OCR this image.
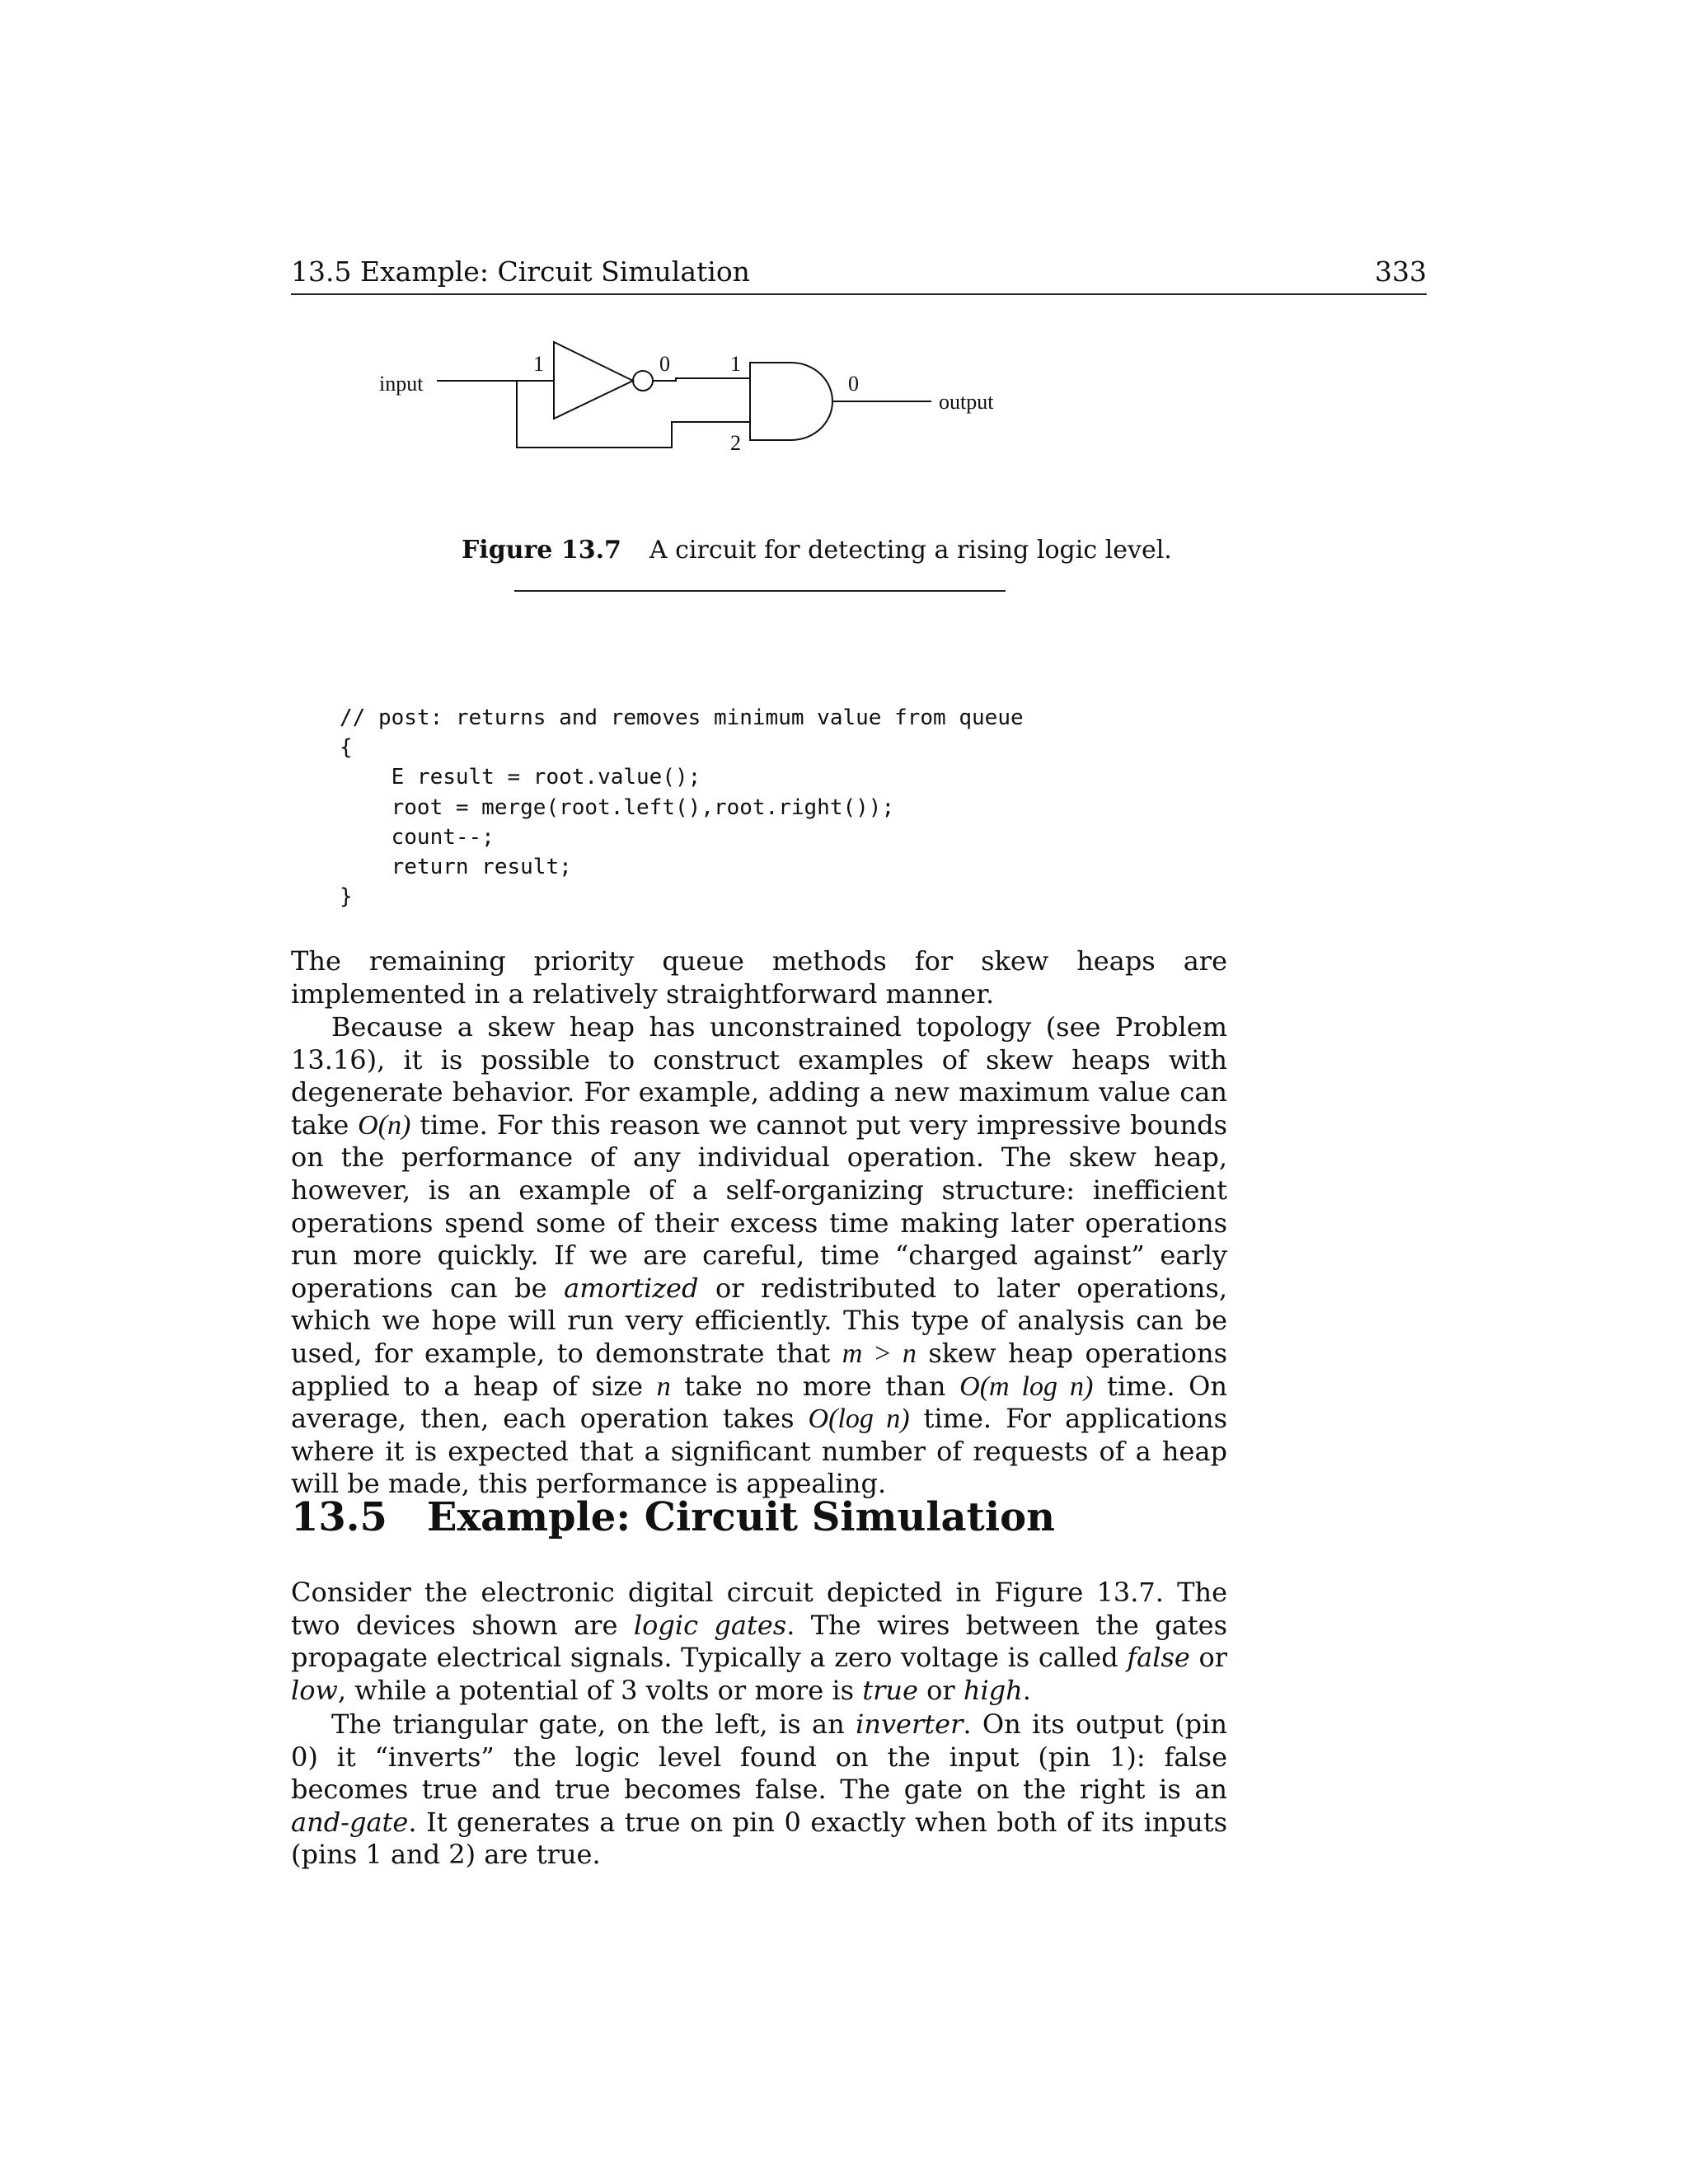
13.5 Example: Circuit Simulation	333
input
1	0	1
2
0
output
Figure 13.7 A circuit for detecting a rising logic level.
// post: returns and removes minimum value from queue
{
E result = root.value();
root = merge(root.left(),root.right());
count--;
return result;
}
The remaining priority queue methods for skew heaps are implemented in a relatively straightforward manner.
Because a skew heap has unconstrained topology (see Problem 13.16), it is possible to construct examples of skew heaps with degenerate behavior. For example, adding a new maximum value can take O(n) time. For this reason we cannot put very impressive bounds on the performance of any individual operation. The skew heap, however, is an example of a self-organizing structure: inefficient operations spend some of their excess time making later operations run more quickly. If we are careful, time “charged against” early operations can be amortized or redistributed to later operations, which we hope will run very efficiently. This type of analysis can be used, for example, to demonstrate that m > n skew heap operations applied to a heap of size n take no more than O(m log n) time. On average, then, each operation takes O(log n) time. For applications where it is expected that a significant number of requests of a heap will be made, this performance is appealing.
13.5 Example: Circuit Simulation
Consider the electronic digital circuit depicted in Figure 13.7. The two devices shown are logic gates. The wires between the gates propagate electrical signals. Typically a zero voltage is called false or low, while a potential of 3 volts or more is true or high.
The triangular gate, on the left, is an inverter. On its output (pin 0) it “inverts” the logic level found on the input (pin 1): false becomes true and true becomes false. The gate on the right is an and-gate. It generates a true on pin 0 exactly when both of its inputs (pins 1 and 2) are true.
